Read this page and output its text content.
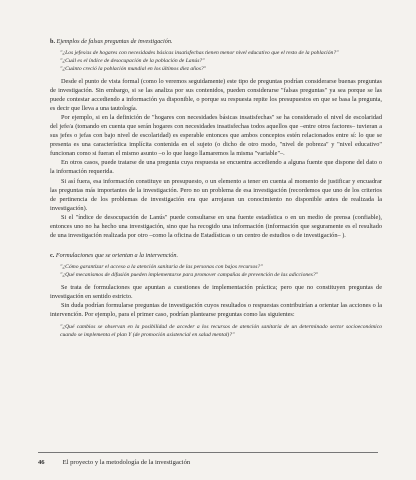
b. Ejemplos de falsas preguntas de investigación.
"¿Los jefes/as de hogares con necesidades básicas insatisfechas tienen menor nivel educativo que el resto de la población?"
"¿Cuál es el índice de desocupación de la población de Lanús?"
"¿Cuánto creció la población mundial en los últimos diez años?"

Desde el punto de vista formal (como lo veremos seguidamente) este tipo de preguntas podrían considerarse buenas preguntas de investigación. Sin embargo, si se las analiza por sus contenidos, pueden considerarse "falsas preguntas" ya sea porque se las puede contestar accediendo a información ya disponible, o porque su respuesta repite los presupuestos en que se basa la pregunta, es decir que lleva a una tautología.

Por ejemplo, si en la definición de "hogares con necesidades básicas insatisfechas" se ha considerado el nivel de escolaridad del jefe/a (tomando en cuenta que serán hogares con necesidades insatisfechas todos aquellos que –entre otros factores– tuvieran a sus jefes o jefas con bajo nivel de escolaridad) es esperable entonces que ambos conceptos estén relacionados entre sí: lo que se presenta es una característica implícita contenida en el sujeto (o dicho de otro modo, "nivel de pobreza" y "nivel educativo" funcionan como si fueran el mismo asunto –o lo que luego llamaremos la misma "variable"–.

En otros casos, puede tratarse de una pregunta cuya respuesta se encuentra accediendo a alguna fuente que dispone del dato o la información requerida.

Si así fuera, esa información constituye un presupuesto, o un elemento a tener en cuenta al momento de justificar y encuadrar las preguntas más importantes de la investigación. Pero no un problema de esa investigación (recordemos que uno de los criterios de pertinencia de los problemas de investigación era que arrojaran un conocimiento no disponible antes de realizada la investigación).

Si el "índice de desocupación de Lanús" puede consultarse en una fuente estadística o en un medio de prensa (confiable), entonces uno no ha hecho una investigación, sino que ha recogido una información (información que seguramente es el resultado de una investigación realizada por otro –como la oficina de Estadísticas o un centro de estudios o de investigación– ).

c. Formulaciones que se orientan a la intervención.
"¿Cómo garantizar el acceso a la atención sanitaria de las personas con bajos recursos?"
"¿Qué mecanismos de difusión pueden implementarse para promover campañas de prevención de las adicciones?"

Se trata de formulaciones que apuntan a cuestiones de implementación práctica; pero que no constituyen preguntas de investigación en sentido estricto.

Sin duda podrían formularse preguntas de investigación cuyos resultados o respuestas contribuirían a orientar las acciones o la intervención. Por ejemplo, para el primer caso, podrían plantearse preguntas como las siguientes:

"¿Qué cambios se observan en la posibilidad de acceder a los recursos de atención sanitaria de un determinado sector socioeconómico cuando se implementa el plan Y (de promoción asistencial en salud mental)?"
46	El proyecto y la metodología de la investigación
